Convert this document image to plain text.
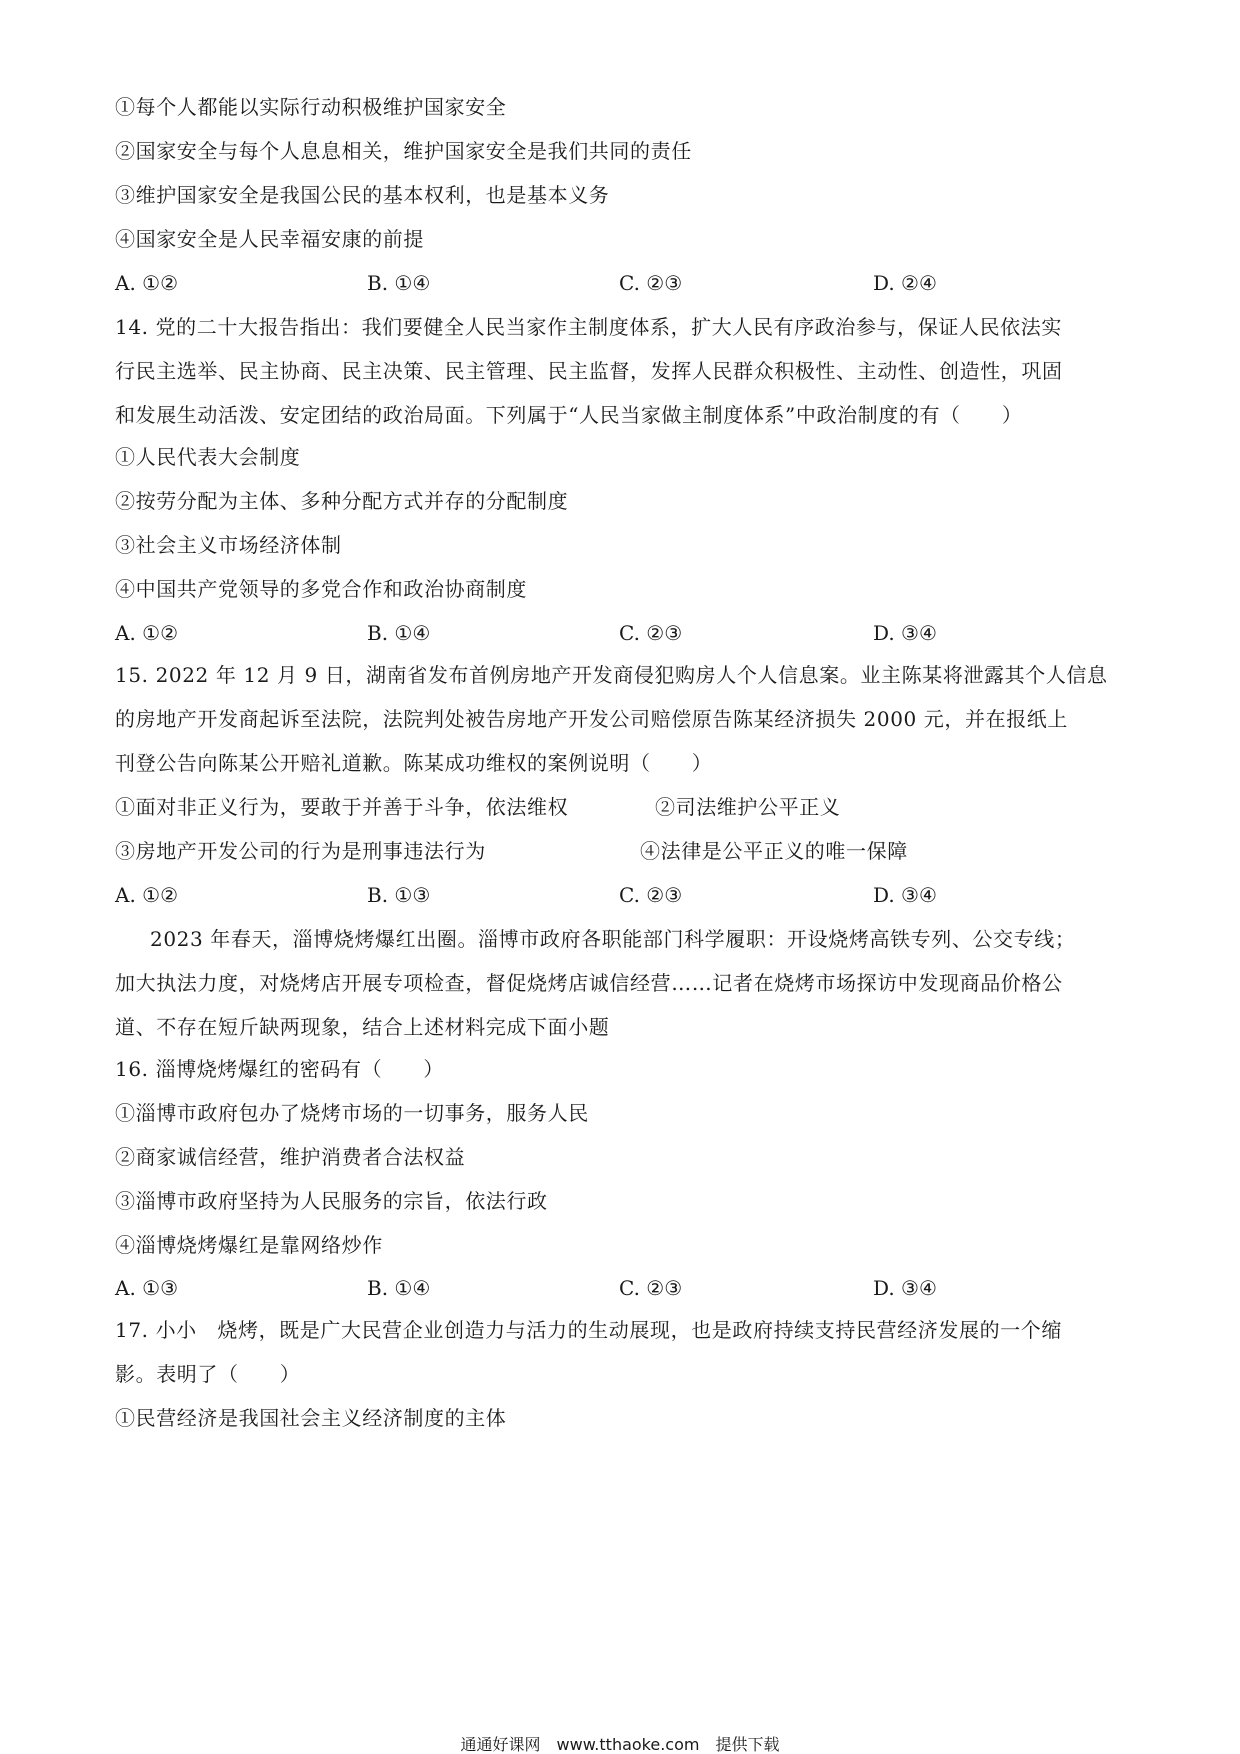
①每个人都能以实际行动积极维护国家安全
②国家安全与每个人息息相关，维护国家安全是我们共同的责任
③维护国家安全是我国公民的基本权利，也是基本义务
④国家安全是人民幸福安康的前提
A. ①②	B. ①④	C. ②③	D. ②④
14. 党的二十大报告指出：我们要健全人民当家作主制度体系，扩大人民有序政治参与，保证人民依法实
行民主选举、民主协商、民主决策、民主管理、民主监督，发挥人民群众积极性、主动性、创造性，巩固
和发展生动活泼、安定团结的政治局面。下列属于“人民当家做主制度体系”中政治制度的有（　　）
①人民代表大会制度
②按劳分配为主体、多种分配方式并存的分配制度
③社会主义市场经济体制
④中国共产党领导的多党合作和政治协商制度
A. ①②	B. ①④	C. ②③	D. ③④
15. 2022 年 12 月 9 日，湖南省发布首例房地产开发商侵犯购房人个人信息案。业主陈某将泄露其个人信息
的房地产开发商起诉至法院，法院判处被告房地产开发公司赔偿原告陈某经济损失 2000 元，并在报纸上
刊登公告向陈某公开赔礼道歉。陈某成功维权的案例说明（　　）
①面对非正义行为，要敢于并善于斗争，依法维权	②司法维护公平正义
③房地产开发公司的行为是刑事违法行为	④法律是公平正义的唯一保障
A. ①②	B. ①③	C. ②③	D. ③④
2023 年春天，淄博烧烤爆红出圈。淄博市政府各职能部门科学履职：开设烧烤高铁专列、公交专线；
加大执法力度，对烧烤店开展专项检查，督促烧烤店诚信经营……记者在烧烤市场探访中发现商品价格公
道、不存在短斤缺两现象，结合上述材料完成下面小题
16. 淄博烧烤爆红的密码有（　　）
①淄博市政府包办了烧烤市场的一切事务，服务人民
②商家诚信经营，维护消费者合法权益
③淄博市政府坚持为人民服务的宗旨，依法行政
④淄博烧烤爆红是靠网络炒作
A. ①③	B. ①④	C. ②③	D. ③④
17. 小小　烧烤，既是广大民营企业创造力与活力的生动展现，也是政府持续支持民营经济发展的一个缩
影。表明了（　　）
①民营经济是我国社会主义经济制度的主体
通通好课网　www.tthaoke.com　提供下载
